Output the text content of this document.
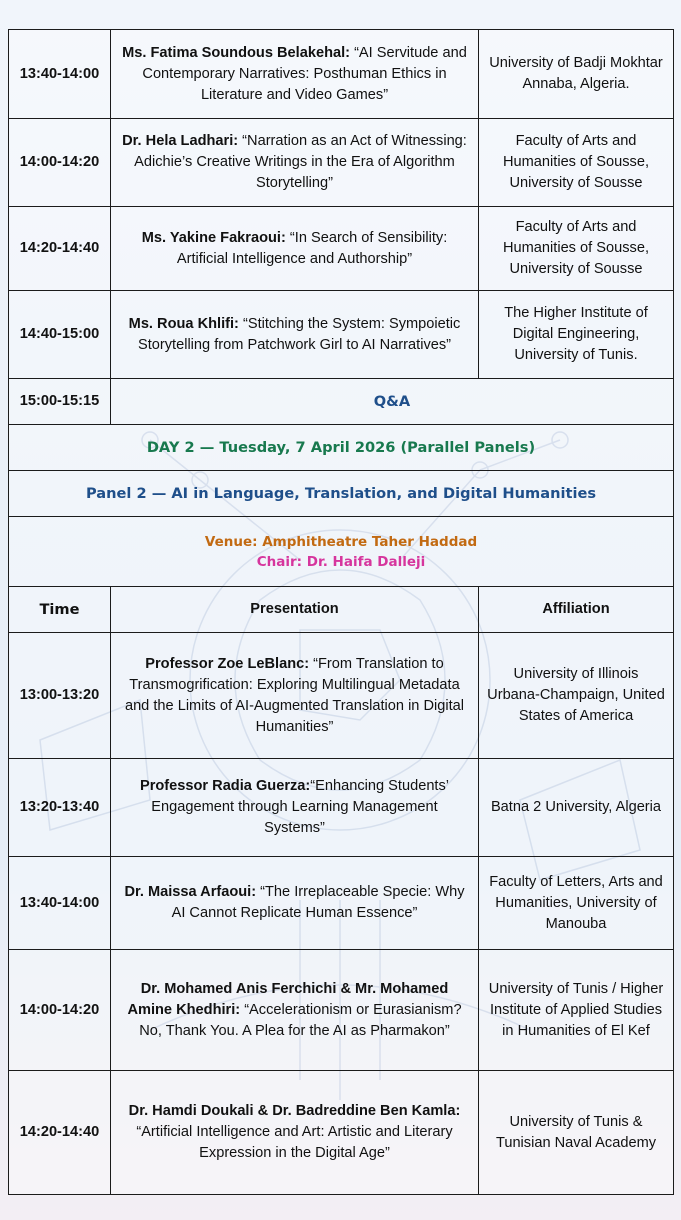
13:40-14:00	Ms. Fatima Soundous Belakehal: “AI Servitude and Contemporary Narratives: Posthuman Ethics in Literature and Video Games”	University of Badji Mokhtar Annaba, Algeria.
14:00-14:20	Dr. Hela Ladhari: “Narration as an Act of Witnessing: Adichie’s Creative Writings in the Era of Algorithm Storytelling”	Faculty of Arts and Humanities of Sousse, University of Sousse
14:20-14:40	Ms. Yakine Fakraoui: “In Search of Sensibility: Artificial Intelligence and Authorship”	Faculty of Arts and Humanities of Sousse, University of Sousse
14:40-15:00	Ms. Roua Khlifi: “Stitching the System: Sympoietic Storytelling from Patchwork Girl to AI Narratives”	The Higher Institute of Digital Engineering, University of Tunis.
15:00-15:15	Q&A	
DAY 2 — Tuesday, 7 April 2026 (Parallel Panels)		
Panel 2 — AI in Language, Translation, and Digital Humanities		

Venue: Amphitheatre Taher Haddad
Chair: Dr. Haifa Dalleji		

Time	Presentation	Affiliation
13:00-13:20	Professor Zoe LeBlanc: “From Translation to Transmogrification: Exploring Multilingual Metadata and the Limits of AI-Augmented Translation in Digital Humanities”	University of Illinois Urbana-Champaign, United States of America
13:20-13:40	Professor Radia Guerza:“Enhancing Students’ Engagement through Learning Management Systems”	Batna 2 University, Algeria
13:40-14:00	Dr. Maissa Arfaoui: “The Irreplaceable Specie: Why AI Cannot Replicate Human Essence”	Faculty of Letters, Arts and Humanities, University of Manouba
14:00-14:20	Dr. Mohamed Anis Ferchichi & Mr. Mohamed Amine Khedhiri: “Accelerationism or Eurasianism? No, Thank You. A Plea for the AI as Pharmakon”	University of Tunis / Higher Institute of Applied Studies in Humanities of El Kef
14:20-14:40	Dr. Hamdi Doukali & Dr. Badreddine Ben Kamla: “Artificial Intelligence and Art: Artistic and Literary Expression in the Digital Age”	University of Tunis & Tunisian Naval Academy
